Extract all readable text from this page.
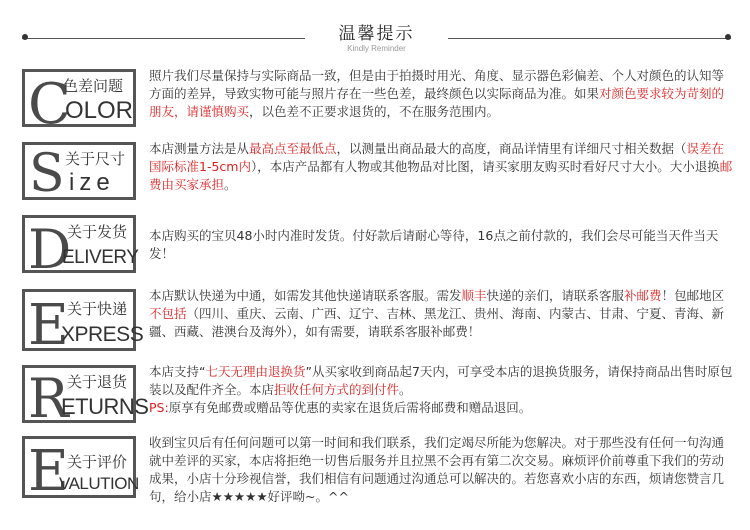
温馨提示
Kindly Reminder
C
色差问题
OLOR
照片我们尽量保持与实际商品一致，但是由于拍摄时用光、角度、显示器色彩偏差、个人对颜色的认知等方面的差异，导致实物可能与照片存在一些色差，最终颜色以实际商品为准。如果对颜色要求较为苛刻的朋友，请谨慎购买，以色差不正要求退货的，不在服务范围内。
S 关于尺寸
ize
本店测量方法是从最高点至最低点，以测量出商品最大的高度，商品详情里有详细尺寸相关数据（误差在国际标准1-5cm内），本店产品都有人物或其他物品对比图，请买家朋友购买时看好尺寸大小。大小退换邮费由买家承担。
D
关于发货
ELIVERY
本店购买的宝贝48小时内准时发货。付好款后请耐心等待，16点之前付款的，我们会尽可能当天件当天发！
E
关于快递
XPRESS
本店默认快递为中通，如需发其他快递请联系客服。需发顺丰快递的亲们，请联系客服补邮费！包邮地区不包括（四川、重庆、云南、广西、辽宁、吉林、黑龙江、贵州、海南、内蒙古、甘肃、宁夏、青海、新疆、西藏、港澳台及海外），如有需要，请联系客服补邮费！
R
关于退货
ETURNS
本店支持“七天无理由退换货”从买家收到商品起7天内，可享受本店的退换货服务，请保持商品出售时原包装以及配件齐全。本店拒收任何方式的到付件。
PS:原享有免邮费或赠品等优惠的卖家在退货后需将邮费和赠品退回。
E
关于评价
VALUTION
收到宝贝后有任何问题可以第一时间和我们联系，我们定竭尽所能为您解决。对于那些没有任何一句沟通就中差评的买家，本店将拒绝一切售后服务并且拉黑不会再有第二次交易。麻烦评价前尊重下我们的劳动成果，小店十分珍视信誉，我们相信有问题通过沟通总可以解决的。若您喜欢小店的东西，烦请您赞言几句，给小店★★★★★好评呦~。^^
